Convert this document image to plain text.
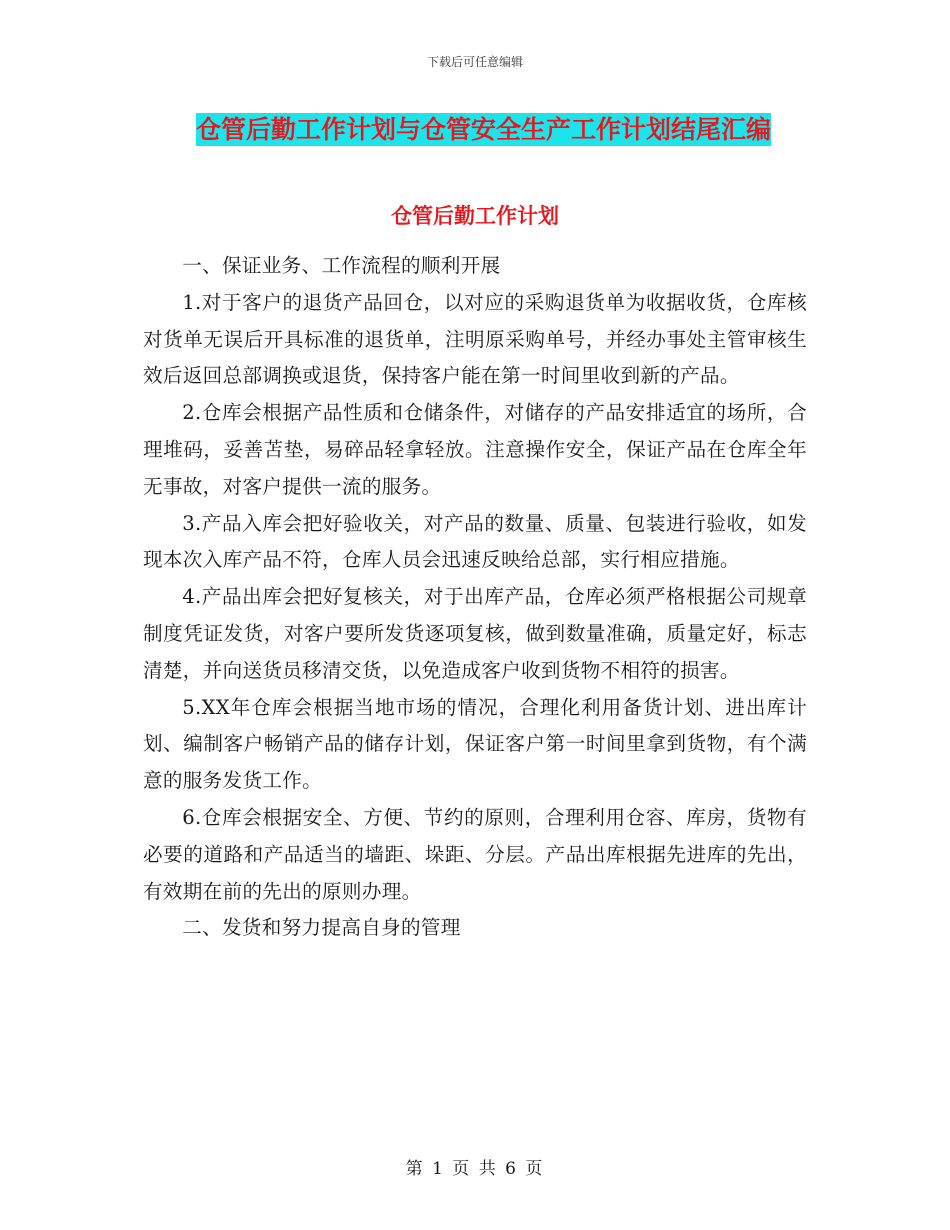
下载后可任意编辑
仓管后勤工作计划与仓管安全生产工作计划结尾汇编
仓管后勤工作计划

一、保证业务、工作流程的顺利开展

1.对于客户的退货产品回仓，以对应的采购退货单为收据收货，仓库核对货单无误后开具标准的退货单，注明原采购单号，并经办事处主管审核生效后返回总部调换或退货，保持客户能在第一时间里收到新的产品。

2.仓库会根据产品性质和仓储条件，对储存的产品安排适宜的场所，合理堆码，妥善苫垫，易碎品轻拿轻放。注意操作安全，保证产品在仓库全年无事故，对客户提供一流的服务。

3.产品入库会把好验收关，对产品的数量、质量、包装进行验收，如发现本次入库产品不符，仓库人员会迅速反映给总部，实行相应措施。

4.产品出库会把好复核关，对于出库产品，仓库必须严格根据公司规章制度凭证发货，对客户要所发货逐项复核，做到数量准确，质量定好，标志清楚，并向送货员移清交货，以免造成客户收到货物不相符的损害。

5.XX年仓库会根据当地市场的情况，合理化利用备货计划、进出库计划、编制客户畅销产品的储存计划，保证客户第一时间里拿到货物，有个满意的服务发货工作。

6.仓库会根据安全、方便、节约的原则，合理利用仓容、库房，货物有必要的道路和产品适当的墙距、垛距、分层。产品出库根据先进库的先出，有效期在前的先出的原则办理。

二、发货和努力提高自身的管理

第 1 页 共 6 页
